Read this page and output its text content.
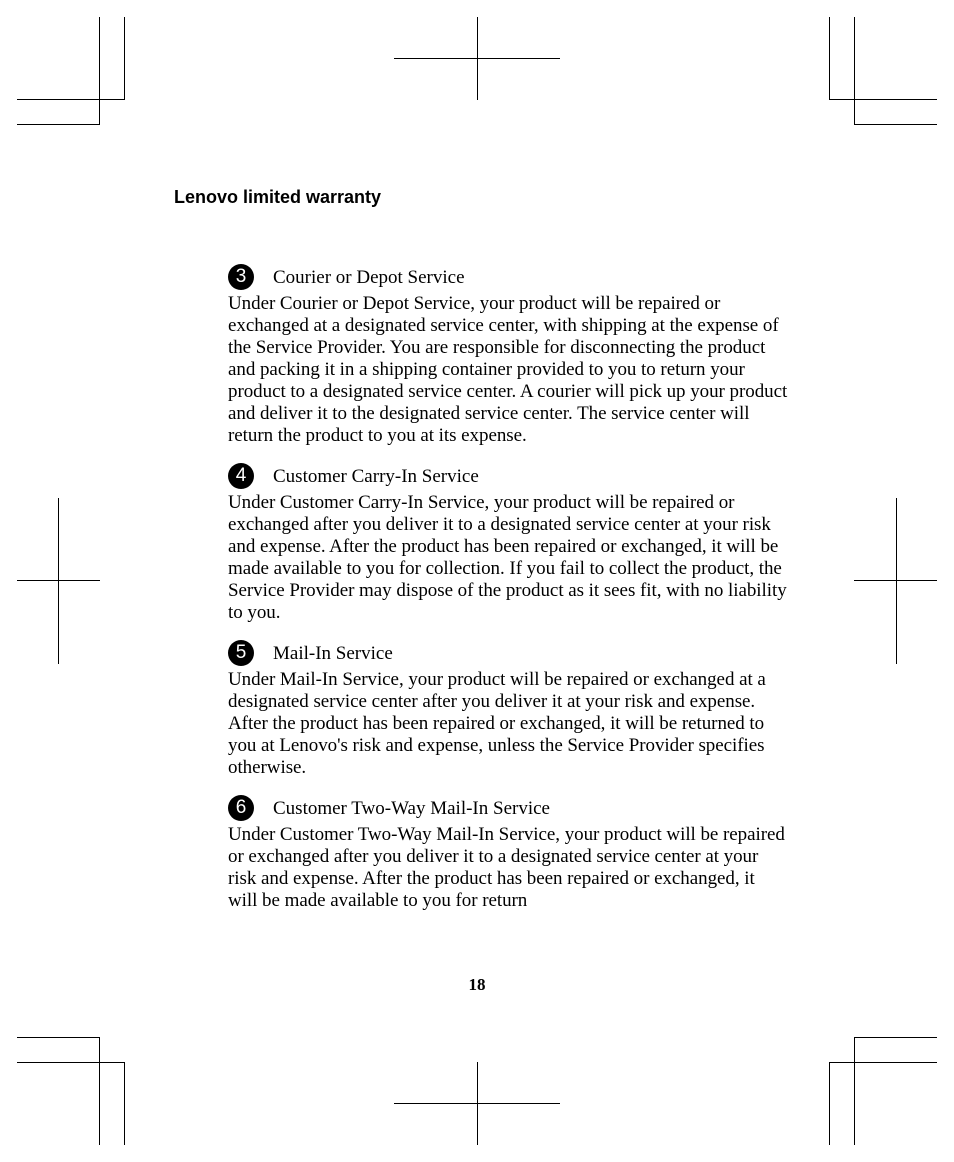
Lenovo limited warranty
3	Courier or Depot Service

Under Courier or Depot Service, your product will be repaired or exchanged at a designated service center, with shipping at the expense of the Service Provider. You are responsible for disconnecting the product and packing it in a shipping container provided to you to return your product to a designated service center. A courier will pick up your product and deliver it to the designated service center. The service center will return the product to you at its expense.

4	Customer Carry-In Service

Under Customer Carry-In Service, your product will be repaired or exchanged after you deliver it to a designated service center at your risk and expense. After the product has been repaired or exchanged, it will be made available to you for collection. If you fail to collect the product, the Service Provider may dispose of the product as it sees fit, with no liability to you.

5	Mail-In Service

Under Mail-In Service, your product will be repaired or exchanged at a designated service center after you deliver it at your risk and expense. After the product has been repaired or exchanged, it will be returned to you at Lenovo's risk and expense, unless the Service Provider specifies otherwise.

6	Customer Two-Way Mail-In Service

Under Customer Two-Way Mail-In Service, your product will be repaired or exchanged after you deliver it to a designated service center at your risk and expense. After the product has been repaired or exchanged, it will be made available to you for return

18
